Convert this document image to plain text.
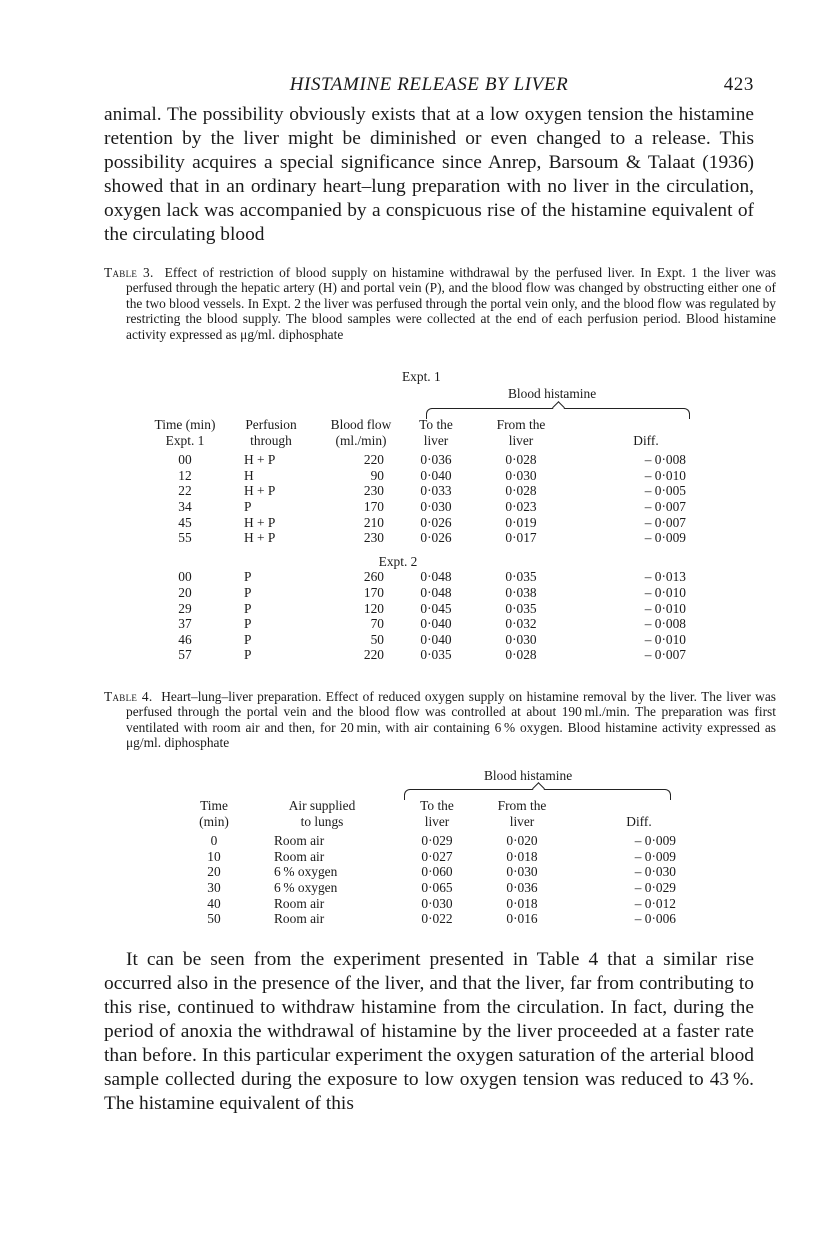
HISTAMINE RELEASE BY LIVER	423

animal. The possibility obviously exists that at a low oxygen tension the histamine retention by the liver might be diminished or even changed to a release. This possibility acquires a special significance since Anrep, Barsoum & Talaat (1936) showed that in an ordinary heart–lung preparation with no liver in the circulation, oxygen lack was accompanied by a conspicuous rise of the histamine equivalent of the circulating blood

Table 3. Effect of restriction of blood supply on histamine withdrawal by the perfused liver. In Expt. 1 the liver was perfused through the hepatic artery (H) and portal vein (P), and the blood flow was changed by obstructing either one of the two blood vessels. In Expt. 2 the liver was perfused through the portal vein only, and the blood flow was regulated by restricting the blood supply. The blood samples were collected at the end of each perfusion period. Blood histamine activity expressed as μg/ml. diphosphate

Expt. 1
Blood histamine
Time (min)	Perfusion	Blood flow	To the	From the	
Expt. 1	through	(ml./min)	liver	liver	Diff.

00	H + P	220	0·036	0·028	– 0·008
12	H	90	0·040	0·030	– 0·010
22	H + P	230	0·033	0·028	– 0·005
34	P	170	0·030	0·023	– 0·007
45	H + P	210	0·026	0·019	– 0·007
55	H + P	230	0·026	0·017	– 0·009

Expt. 2					
00	P	260	0·048	0·035	– 0·013
20	P	170	0·048	0·038	– 0·010
29	P	120	0·045	0·035	– 0·010
37	P	70	0·040	0·032	– 0·008
46	P	50	0·040	0·030	– 0·010
57	P	220	0·035	0·028	– 0·007

Table 4. Heart–lung–liver preparation. Effect of reduced oxygen supply on histamine removal by the liver. The liver was perfused through the portal vein and the blood flow was controlled at about 190 ml./min. The preparation was first ventilated with room air and then, for 20 min, with air containing 6 % oxygen. Blood histamine activity expressed as μg/ml. diphosphate

Blood histamine
Time	Air supplied	To the	From the	
(min)	to lungs	liver	liver	Diff.

0	Room air	0·029	0·020	– 0·009
10	Room air	0·027	0·018	– 0·009
20	6 % oxygen	0·060	0·030	– 0·030
30	6 % oxygen	0·065	0·036	– 0·029
40	Room air	0·030	0·018	– 0·012
50	Room air	0·022	0·016	– 0·006

It can be seen from the experiment presented in Table 4 that a similar rise occurred also in the presence of the liver, and that the liver, far from contributing to this rise, continued to withdraw histamine from the circulation. In fact, during the period of anoxia the withdrawal of histamine by the liver proceeded at a faster rate than before. In this particular experiment the oxygen saturation of the arterial blood sample collected during the exposure to low oxygen tension was reduced to 43 %. The histamine equivalent of this
